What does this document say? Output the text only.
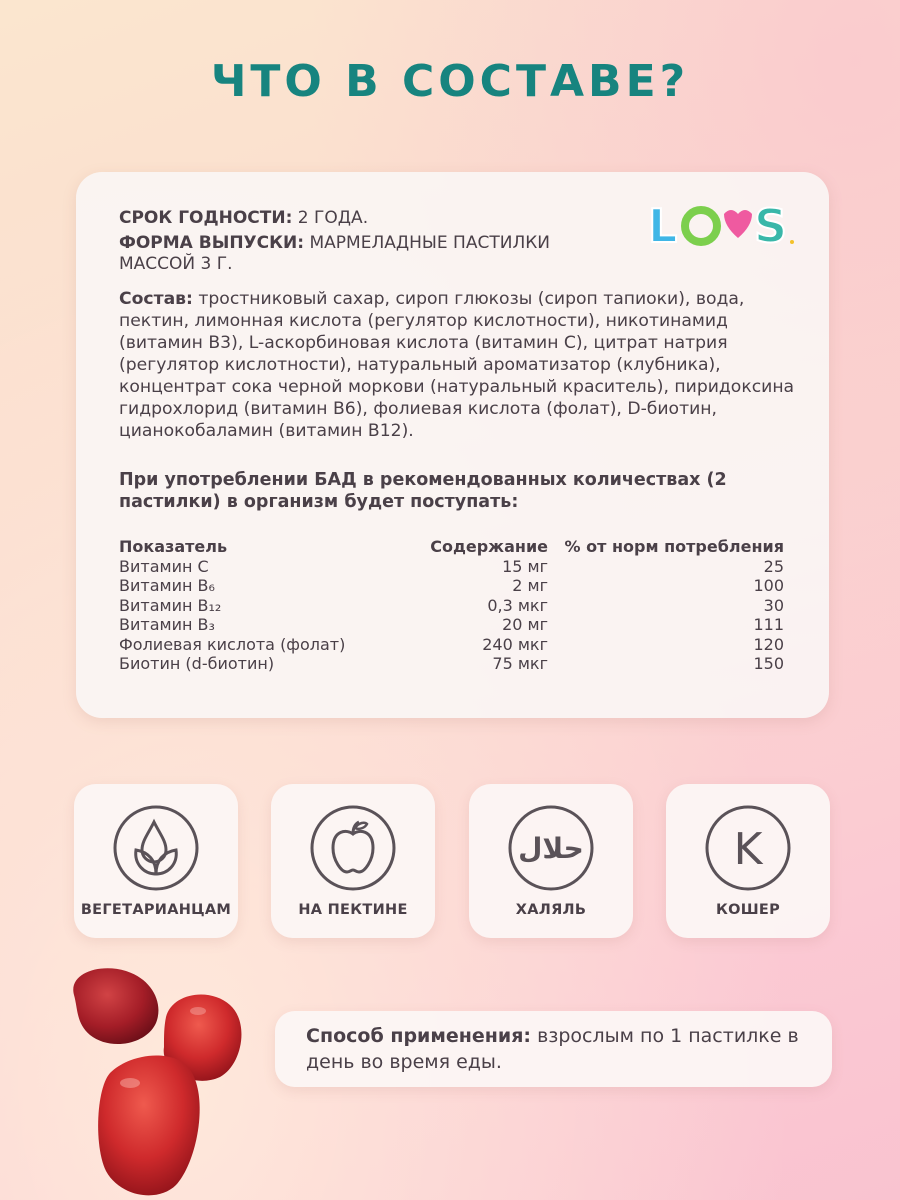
ЧТО В СОСТАВЕ?
СРОК ГОДНОСТИ: 2 ГОДА.
ФОРМА ВЫПУСКИ: МАРМЕЛАДНЫЕ ПАСТИЛКИ МАССОЙ 3 Г.
L S
Состав: тростниковый сахар, сироп глюкозы (сироп тапиоки), вода, пектин, лимонная кислота (регулятор кислотности), никотинамид (витамин В3), L-аскорбиновая кислота (витамин С), цитрат натрия (регулятор кислотности), натуральный ароматизатор (клубника), концентрат сока черной моркови (натуральный краситель), пиридоксина гидрохлорид (витамин В6), фолиевая кислота (фолат), D-биотин, цианокобаламин (витамин В12).
При употреблении БАД в рекомендованных количествах (2 пастилки) в организм будет поступать:
Показатель	Содержание % от норм потребления
Витамин С	15 мг	25
Витамин В₆	2 мг	100
Витамин В₁₂	0,3 мкг	30
Витамин В₃	20 мг	111
Фолиевая кислота (фолат)	240 мкг	120
Биотин (d-биотин)	75 мкг	150
ВЕГЕТАРИАНЦАМ	НА ПЕКТИНЕ
حلال
ХАЛЯЛЬ
K
КОШЕР
Способ применения: взрослым по 1 пастилке в день во время еды.
